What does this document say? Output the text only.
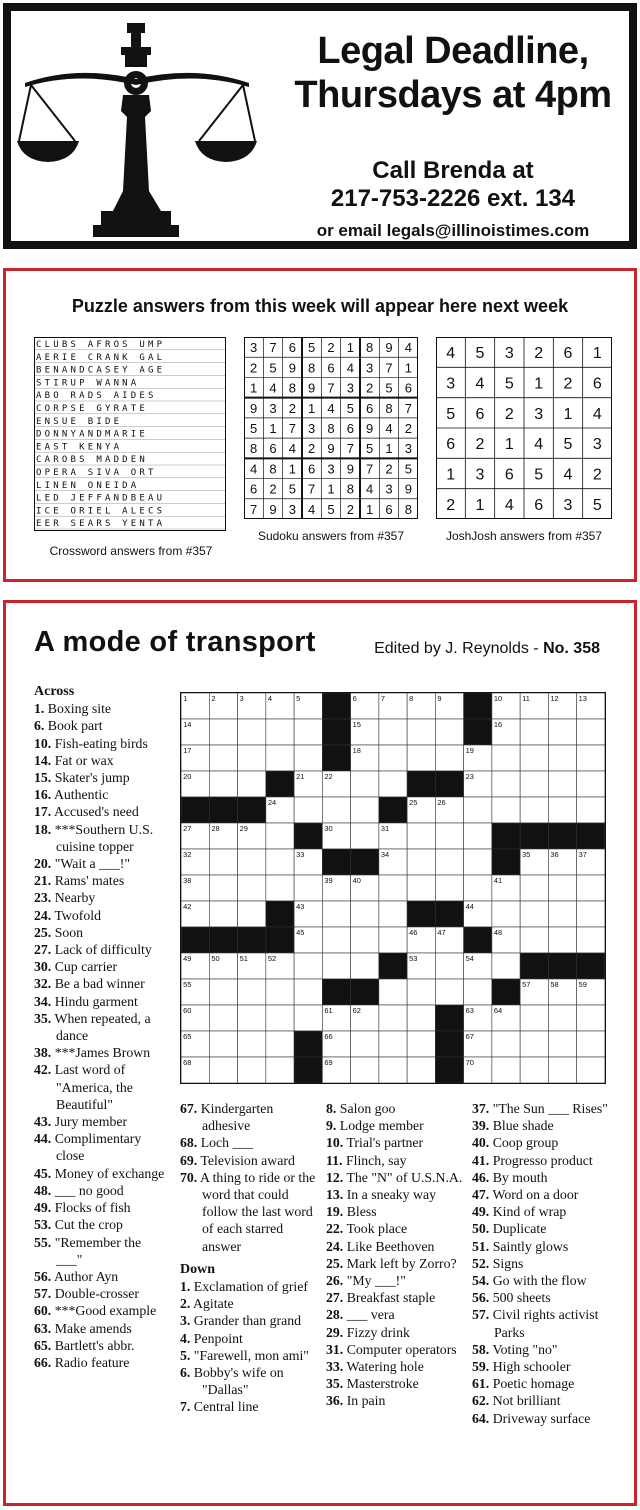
Legal Deadline,
Thursdays at 4pm
Call Brenda at
217-753-2226 ext. 134
or email legals@illinoistimes.com
Puzzle answers from this week will appear here next week
CLUBS AFROS UMP
AERIE CRANK GAL
BENANDCASEY AGE
STIRUP WANNA
ABO RADS AIDES
CORPSE GYRATE
ENSUE BIDE
DONNYANDMARIE
EAST KENYA
CAROBS MADDEN
OPERA SIVA ORT
LINEN ONEIDA
LED JEFFANDBEAU
ICE ORIEL ALECS
EER SEARS YENTA
Crossword answers from #357
3 7 6 5 2 1 8 9 4
2 5 9 8 6 4 3 7 1
1 4 8 9 7 3 2 5 6
9 3 2 1 4 5 6 8 7
5 1 7 3 8 6 9 4 2
8 6 4 2 9 7 5 1 3
4 8 1 6 3 9 7 2 5
6 2 5 7 1 8 4 3 9
7 9 3 4 5 2 1 6 8
Sudoku answers from #357
4 5 3 2 6 1
3 4 5 1 2 6
5 6 2 3 1 4
6 2 1 4 5 3
1 3 6 5 4 2
2 1 4 6 3 5
JoshJosh answers from #357
A mode of transport	Edited by J. Reynolds - No. 358
1	2	3	4	5	6	7	8	9	10	11	12	13
14	15	16
17	18	19
20	21	22	23
24	25	26
27	28	29	30	31
32	33	34	35	36	37
38	39	40	41
42	43	44
45	46	47	48
49	50	51	52	53	54
55	57	58	59
60	61	62	63	64
65	66	67
68	69	70
Across
1. Boxing site
6. Book part
10. Fish-eating birds
14. Fat or wax
15. Skater's jump
16. Authentic
17. Accused's need
18. ***Southern U.S. cuisine topper
20. "Wait a ___!"
21. Rams' mates
23. Nearby
24. Twofold
25. Soon
27. Lack of difficulty
30. Cup carrier
32. Be a bad winner
34. Hindu garment
35. When repeated, a dance
38. ***James Brown
42. Last word of "America, the Beautiful"
43. Jury member
44. Complimentary close
45. Money of exchange
48. ___ no good
49. Flocks of fish
53. Cut the crop
55. "Remember the ___"
56. Author Ayn
57. Double-crosser
60. ***Good example
63. Make amends
65. Bartlett's abbr.
66. Radio feature
67. Kindergarten adhesive
68. Loch ___
69. Television award
70. A thing to ride or the word that could follow the last word of each starred answer
Down
1. Exclamation of grief
2. Agitate
3. Grander than grand
4. Penpoint
5. "Farewell, mon ami"
6. Bobby's wife on "Dallas"
7. Central line
8. Salon goo
9. Lodge member
10. Trial's partner
11. Flinch, say
12. The "N" of U.S.N.A.
13. In a sneaky way
19. Bless
22. Took place
24. Like Beethoven
25. Mark left by Zorro?
26. "My ___!"
27. Breakfast staple
28. ___ vera
29. Fizzy drink
31. Computer operators
33. Watering hole
35. Masterstroke
36. In pain
37. "The Sun ___ Rises"
39. Blue shade
40. Coop group
41. Progresso product
46. By mouth
47. Word on a door
49. Kind of wrap
50. Duplicate
51. Saintly glows
52. Signs
54. Go with the flow
56. 500 sheets
57. Civil rights activist Parks
58. Voting "no"
59. High schooler
61. Poetic homage
62. Not brilliant
64. Driveway surface
